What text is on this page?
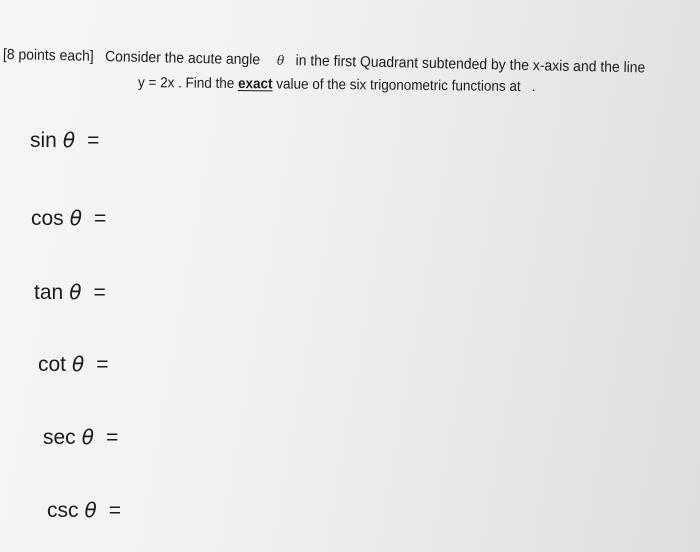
[8 points each] Consider the acute angle θ in the first Quadrant subtended by the x-axis and the line
y = 2x . Find the exact value of the six trigonometric functions at .
sin θ =
cos θ =
tan θ =
cot θ =
sec θ =
csc θ =
